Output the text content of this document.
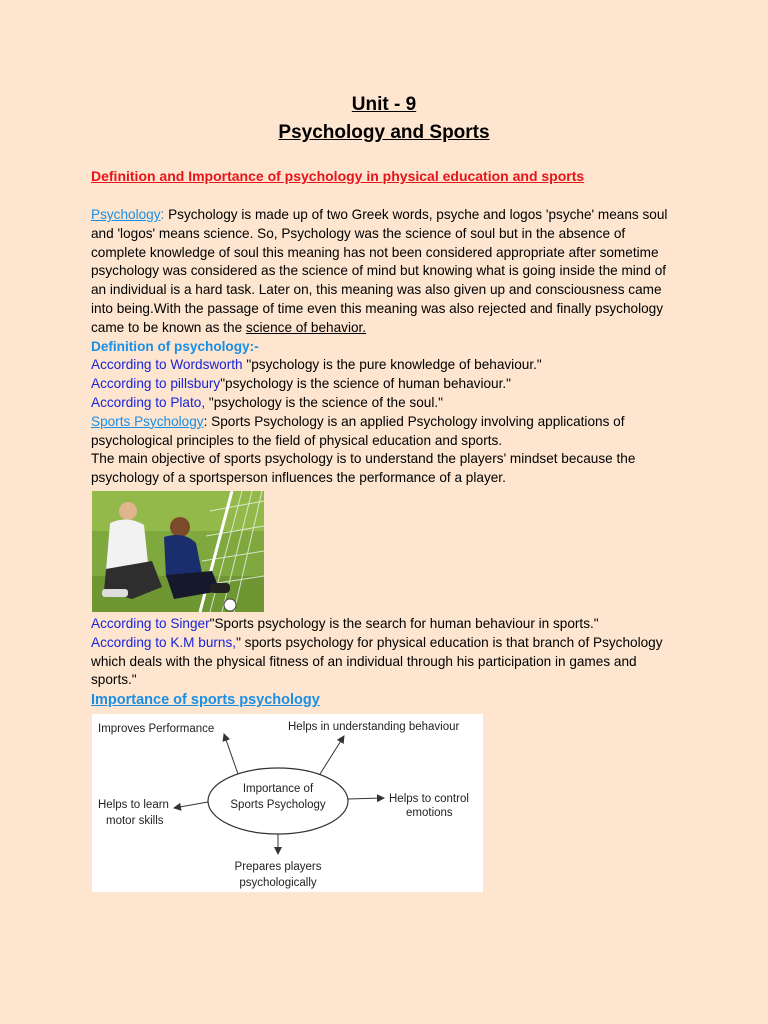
Unit - 9
Psychology and Sports
Definition and Importance of psychology in physical education and sports

Psychology: Psychology is made up of two Greek words, psyche and logos 'psyche' means soul and 'logos' means science. So, Psychology was the science of soul but in the absence of complete knowledge of soul this meaning has not been considered appropriate after sometime psychology was considered as the science of mind but knowing what is going inside the mind of an individual is a hard task. Later on, this meaning was also given up and consciousness came into being.With the passage of time even this meaning was also rejected and finally psychology came to be known as the science of behavior.

Definition of psychology:-

According to Wordsworth "psychology is the pure knowledge of behaviour."

According to pillsbury"psychology is the science of human behaviour."

According to Plato, "psychology is the science of the soul."

Sports Psychology: Sports Psychology is an applied Psychology involving applications of psychological principles to the field of physical education and sports.

The main objective of sports psychology is to understand the players' mindset because the psychology of a sportsperson influences the performance of a player.

According to Singer"Sports psychology is the search for human behaviour in sports."

According to K.M burns," sports psychology for physical education is that branch of Psychology which deals with the physical fitness of an individual through his participation in games and sports."

Importance of sports psychology
Importance of
Sports Psychology
Improves Performance	Helps in understanding behaviour
Helps to learn
motor skills
Helps to control
emotions
Prepares players
psychologically
